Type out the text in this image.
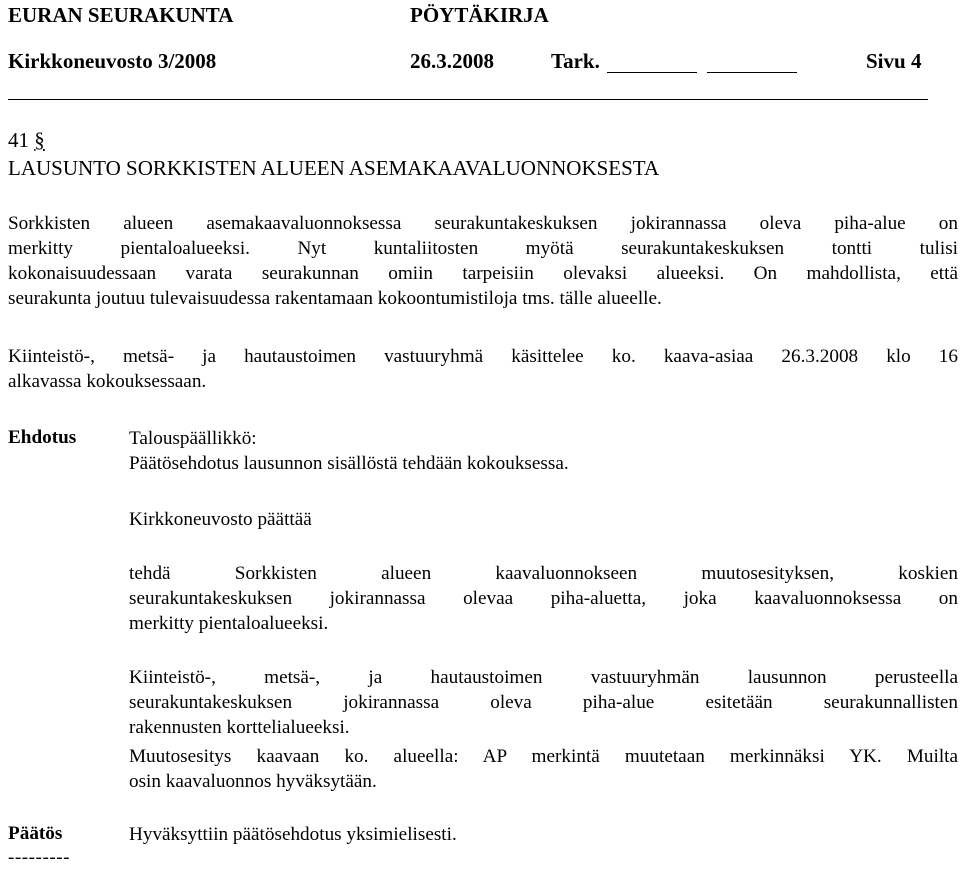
EURAN SEURAKUNTA	PÖYTÄKIRJA
Kirkkoneuvosto 3/2008	26.3.2008	Tark.	Sivu 4
41 §
LAUSUNTO SORKKISTEN ALUEEN ASEMAKAAVALUONNOKSESTA
Sorkkisten alueen asemakaavaluonnoksessa seurakuntakeskuksen jokirannassa oleva piha-alue on
merkitty pientaloalueeksi. Nyt kuntaliitosten myötä seurakuntakeskuksen tontti tulisi
kokonaisuudessaan varata seurakunnan omiin tarpeisiin olevaksi alueeksi. On mahdollista, että
seurakunta joutuu tulevaisuudessa rakentamaan kokoontumistiloja tms. tälle alueelle.
Kiinteistö-, metsä- ja hautaustoimen vastuuryhmä käsittelee ko. kaava-asiaa 26.3.2008 klo 16
alkavassa kokouksessaan.
Ehdotus	Talouspäällikkö:
Päätösehdotus lausunnon sisällöstä tehdään kokouksessa.
Kirkkoneuvosto päättää
tehdä Sorkkisten alueen kaavaluonnokseen muutosesityksen, koskien
seurakuntakeskuksen jokirannassa olevaa piha-aluetta, joka kaavaluonnoksessa on
merkitty pientaloalueeksi.
Kiinteistö-, metsä-, ja hautaustoimen vastuuryhmän lausunnon perusteella
seurakuntakeskuksen jokirannassa oleva piha-alue esitetään seurakunnallisten
rakennusten korttelialueeksi.
Muutosesitys kaavaan ko. alueella: AP merkintä muutetaan merkinnäksi YK. Muilta
osin kaavaluonnos hyväksytään.
Päätös	Hyväksyttiin päätösehdotus yksimielisesti.
---------
